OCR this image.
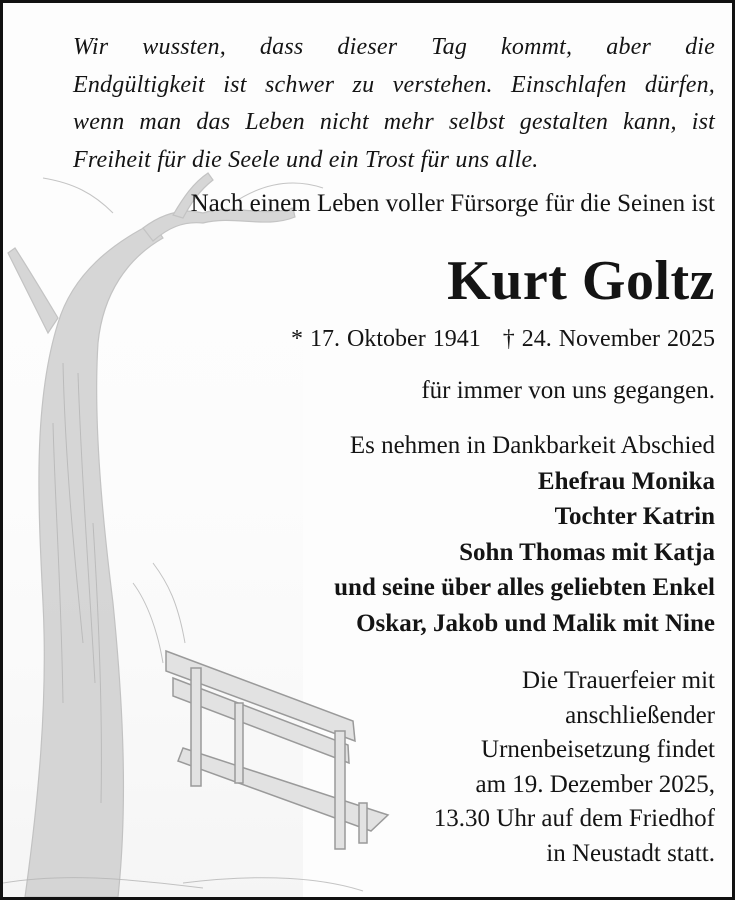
Wir wussten, dass dieser Tag kommt, aber die
Endgültigkeit ist schwer zu verstehen. Einschlafen dürfen,
wenn man das Leben nicht mehr selbst gestalten kann, ist
Freiheit für die Seele und ein Trost für uns alle.
Nach einem Leben voller Fürsorge für die Seinen ist
Kurt Goltz
* 17. Oktober 1941 † 24. November 2025
für immer von uns gegangen.
Es nehmen in Dankbarkeit Abschied
Ehefrau Monika
Tochter Katrin
Sohn Thomas mit Katja
und seine über alles geliebten Enkel
Oskar, Jakob und Malik mit Nine
Die Trauerfeier mit
anschließender
Urnenbeisetzung findet
am 19. Dezember 2025,
13.30 Uhr auf dem Friedhof
in Neustadt statt.
